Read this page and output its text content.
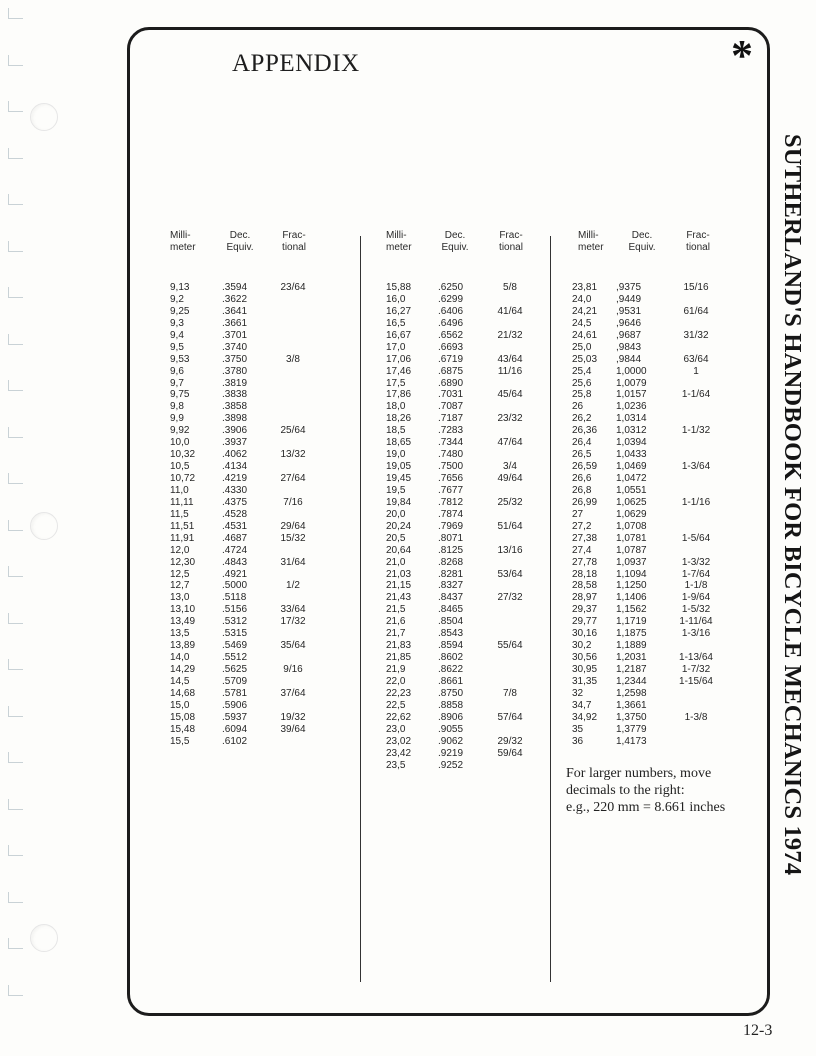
APPENDIX	*
SUTHERLAND'S HANDBOOK FOR BICYCLE MECHANICS 1974
Milli-
meter
Dec.
Equiv.
Frac-
tional
Milli-
meter
Dec.
Equiv.
Frac-
tional
Milli-
meter
Dec.
Equiv.
Frac-
tional
9,13
9,2
9,25
9,3
9,4
9,5
9,53
9,6
9,7
9,75
9,8
9,9
9,92
10,0
10,32
10,5
10,72
11,0
11,11
11,5
11,51
11,91
12,0
12,30
12,5
12,7
13,0
13,10
13,49
13,5
13,89
14,0
14,29
14,5
14,68
15,0
15,08
15,48
15,5
.3594
.3622
.3641
.3661
.3701
.3740
.3750
.3780
.3819
.3838
.3858
.3898
.3906
.3937
.4062
.4134
.4219
.4330
.4375
.4528
.4531
.4687
.4724
.4843
.4921
.5000
.5118
.5156
.5312
.5315
.5469
.5512
.5625
.5709
.5781
.5906
.5937
.6094
.6102
23/64
3/8
25/64
13/32
27/64
7/16
29/64
15/32
31/64
1/2
33/64
17/32
35/64
9/16
37/64
19/32
39/64
15,88
16,0
16,27
16,5
16,67
17,0
17,06
17,46
17,5
17,86
18,0
18,26
18,5
18,65
19,0
19,05
19,45
19,5
19,84
20,0
20,24
20,5
20,64
21,0
21,03
21,15
21,43
21,5
21,6
21,7
21,83
21,85
21,9
22,0
22,23
22,5
22,62
23,0
23,02
23,42
23,5
.6250
.6299
.6406
.6496
.6562
.6693
.6719
.6875
.6890
.7031
.7087
.7187
.7283
.7344
.7480
.7500
.7656
.7677
.7812
.7874
.7969
.8071
.8125
.8268
.8281
.8327
.8437
.8465
.8504
.8543
.8594
.8602
.8622
.8661
.8750
.8858
.8906
.9055
.9062
.9219
.9252
5/8
41/64
21/32
43/64
11/16
45/64
23/32
47/64
3/4
49/64
25/32
51/64
13/16
53/64
27/32
55/64
7/8
57/64
29/32
59/64
23,81
24,0
24,21
24,5
24,61
25,0
25,03
25,4
25,6
25,8
26
26,2
26,36
26,4
26,5
26,59
26,6
26,8
26,99
27
27,2
27,38
27,4
27,78
28,18
28,58
28,97
29,37
29,77
30,16
30,2
30,56
30,95
31,35
32
34,7
34,92
35
36
,9375
,9449
,9531
,9646
,9687
,9843
,9844
1,0000
1,0079
1,0157
1,0236
1,0314
1,0312
1,0394
1,0433
1,0469
1,0472
1,0551
1,0625
1,0629
1,0708
1,0781
1,0787
1,0937
1,1094
1,1250
1,1406
1,1562
1,1719
1,1875
1,1889
1,2031
1,2187
1,2344
1,2598
1,3661
1,3750
1,3779
1,4173
15/16
61/64
31/32
63/64
1
1-1/64
1-1/32
1-3/64
1-1/16
1-5/64
1-3/32
1-7/64
1-1/8
1-9/64
1-5/32
1-11/64
1-3/16
1-13/64
1-7/32
1-15/64
1-3/8
For larger numbers, move
decimals to the right:
e.g., 220 mm = 8.661 inches
12-3
